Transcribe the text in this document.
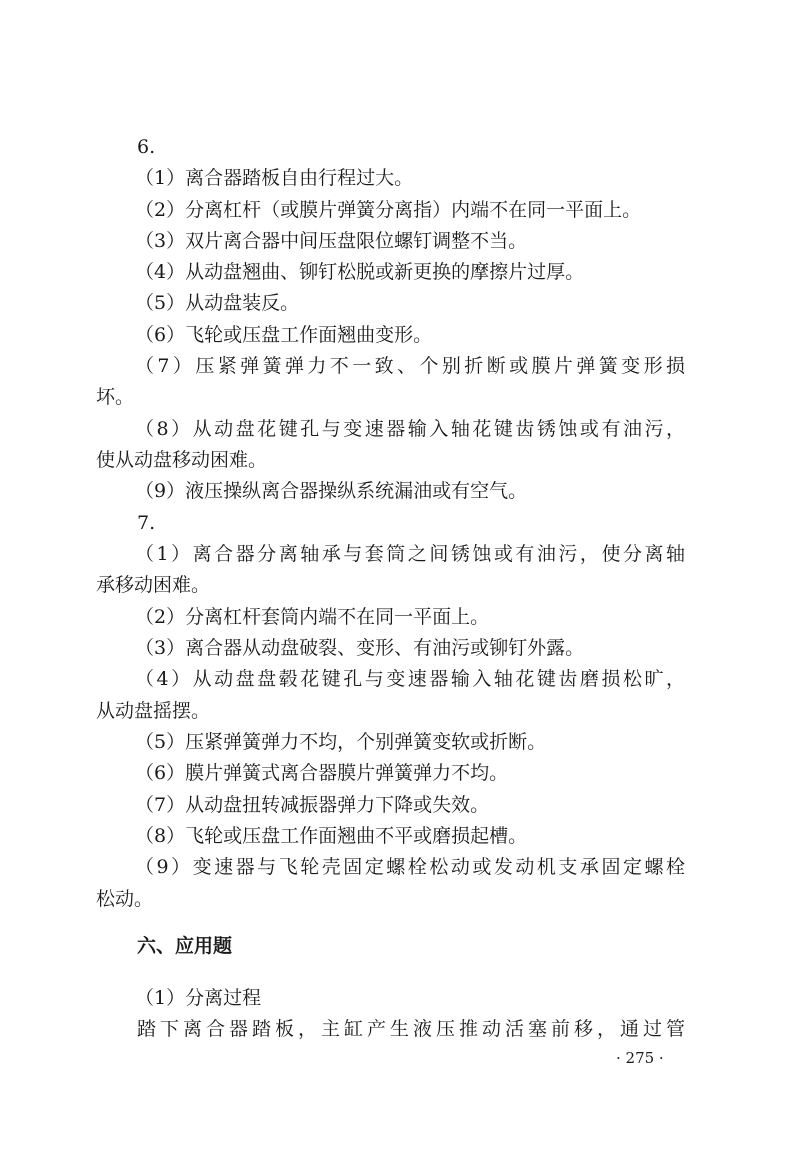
6.
（1）离合器踏板自由行程过大。
（2）分离杠杆（或膜片弹簧分离指）内端不在同一平面上。
（3）双片离合器中间压盘限位螺钉调整不当。
（4）从动盘翘曲、铆钉松脱或新更换的摩擦片过厚。
（5）从动盘装反。
（6）飞轮或压盘工作面翘曲变形。
（7）压紧弹簧弹力不一致、个别折断或膜片弹簧变形损
坏。
（8）从动盘花键孔与变速器输入轴花键齿锈蚀或有油污，
使从动盘移动困难。
（9）液压操纵离合器操纵系统漏油或有空气。
7.
（1）离合器分离轴承与套筒之间锈蚀或有油污，使分离轴
承移动困难。
（2）分离杠杆套筒内端不在同一平面上。
（3）离合器从动盘破裂、变形、有油污或铆钉外露。
（4）从动盘盘毂花键孔与变速器输入轴花键齿磨损松旷，
从动盘摇摆。
（5）压紧弹簧弹力不均，个别弹簧变软或折断。
（6）膜片弹簧式离合器膜片弹簧弹力不均。
（7）从动盘扭转减振器弹力下降或失效。
（8）飞轮或压盘工作面翘曲不平或磨损起槽。
（9）变速器与飞轮壳固定螺栓松动或发动机支承固定螺栓
松动。
六、应用题
（1）分离过程
踏下离合器踏板，主缸产生液压推动活塞前移，通过管
· 275 ·
